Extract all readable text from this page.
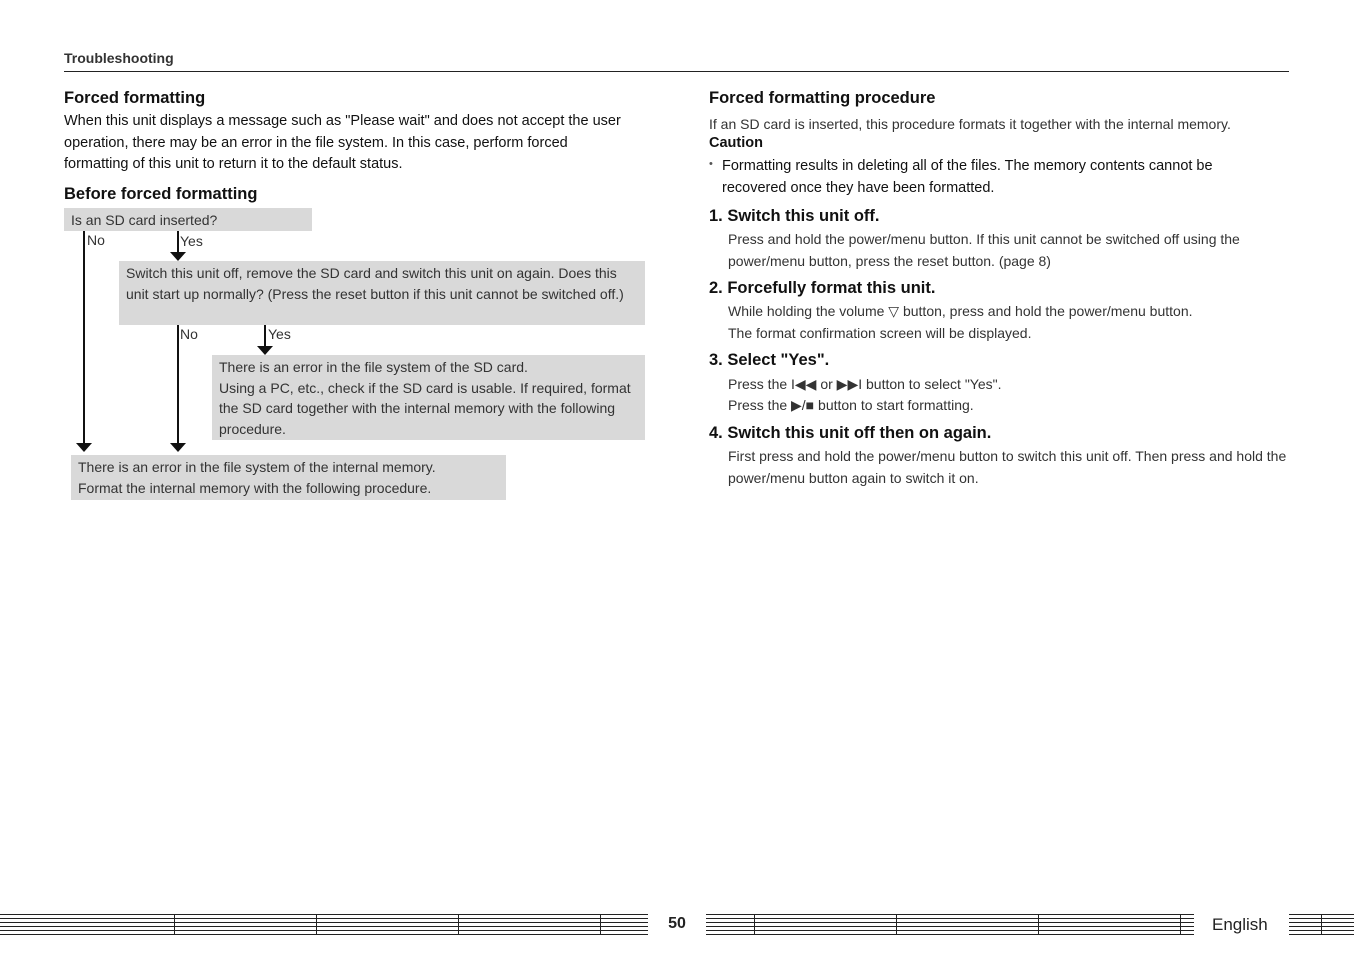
Troubleshooting
Forced formatting
When this unit displays a message such as "Please wait" and does not accept the user operation, there may be an error in the file system. In this case, perform forced formatting of this unit to return it to the default status.
Before forced formatting
Is an SD card inserted?
No	Yes
Switch this unit off, remove the SD card and switch this unit on again. Does this unit start up normally? (Press the reset button if this unit cannot be switched off.)
No	Yes
There is an error in the file system of the SD card.
Using a PC, etc., check if the SD card is usable. If required, format the SD card together with the internal memory with the following procedure.
There is an error in the file system of the internal memory.
Format the internal memory with the following procedure.
Forced formatting procedure
If an SD card is inserted, this procedure formats it together with the internal memory.
Caution
• Formatting results in deleting all of the files. The memory contents cannot be recovered once they have been formatted.
1. Switch this unit off.
Press and hold the power/menu button. If this unit cannot be switched off using the power/menu button, press the reset button. (page 8)
2. Forcefully format this unit.
While holding the volume ▽ button, press and hold the power/menu button.
The format confirmation screen will be displayed.
3. Select "Yes".
Press the I◀◀ or ▶▶I button to select "Yes".
Press the ▶/■ button to start formatting.
4. Switch this unit off then on again.
First press and hold the power/menu button to switch this unit off. Then press and hold the power/menu button again to switch it on.
50	English
